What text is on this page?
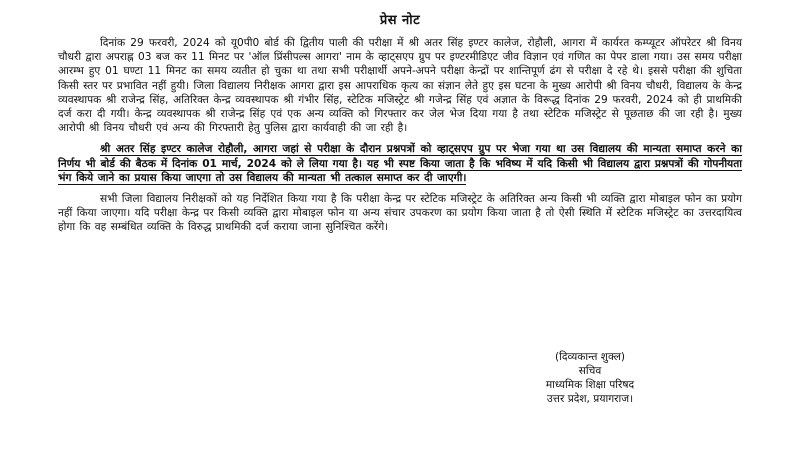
प्रेस नोट

दिनांक 29 फरवरी, 2024 को यू0पी0 बोर्ड की द्वितीय पाली की परीक्षा में श्री अतर सिंह इण्टर कालेज, रोहौली, आगरा में कार्यरत कम्प्यूटर ऑपरेटर श्री विनय चौधरी द्वारा अपराह्न 03 बज कर 11 मिनट पर 'ऑल प्रिंसीपल्स आगरा' नाम के व्हाट्सएप ग्रुप पर इण्टरमीडिएट जीव विज्ञान एवं गणित का पेपर डाला गया। उस समय परीक्षा आरम्भ हुए 01 घण्टा 11 मिनट का समय व्यतीत हो चुका था तथा सभी परीक्षार्थी अपने-अपने परीक्षा केन्द्रों पर शान्तिपूर्ण ढंग से परीक्षा दे रहे थे। इससे परीक्षा की शुचिता किसी स्तर पर प्रभावित नहीं हुयी। जिला विद्यालय निरीक्षक आगरा द्वारा इस आपराधिक कृत्य का संज्ञान लेते हुए इस घटना के मुख्य आरोपी श्री विनय चौधरी, विद्यालय के केन्द्र व्यवस्थापक श्री राजेन्द्र सिंह, अतिरिक्त केन्द्र व्यवस्थापक श्री गंभीर सिंह, स्टेटिक मजिस्ट्रेट श्री गजेन्द्र सिंह एवं अज्ञात के विरूद्ध दिनांक 29 फरवरी, 2024 को ही प्राथमिकी दर्ज करा दी गयी। केन्द्र व्यवस्थापक श्री राजेन्द्र सिंह एवं एक अन्य व्यक्ति को गिरफ्तार कर जेल भेज दिया गया है तथा स्टेटिक मजिस्ट्रेट से पूछताछ की जा रही है। मुख्य आरोपी श्री विनय चौधरी एवं अन्य की गिरफ्तारी हेतु पुलिस द्वारा कार्यवाही की जा रही है।

श्री अतर सिंह इण्टर कालेज रोहौली, आगरा जहां से परीक्षा के दौरान प्रश्नपत्रों को व्हाट्सएप ग्रुप पर भेजा गया था उस विद्यालय की मान्यता समाप्त करने का निर्णय भी बोर्ड की बैठक में दिनांक 01 मार्च, 2024 को ले लिया गया है। यह भी स्पष्ट किया जाता है कि भविष्य में यदि किसी भी विद्यालय द्वारा प्रश्नपत्रों की गोपनीयता भंग किये जाने का प्रयास किया जाएगा तो उस विद्यालय की मान्यता भी तत्काल समाप्त कर दी जाएगी।

सभी जिला विद्यालय निरीक्षकों को यह निर्देशित किया गया है कि परीक्षा केन्द्र पर स्टेटिक मजिस्ट्रेट के अतिरिक्त अन्य किसी भी व्यक्ति द्वारा मोबाइल फोन का प्रयोग नहीं किया जाएगा। यदि परीक्षा केन्द्र पर किसी व्यक्ति द्वारा मोबाइल फोन या अन्य संचार उपकरण का प्रयोग किया जाता है तो ऐसी स्थिति में स्टेटिक मजिस्ट्रेट का उत्तरदायित्व होगा कि वह सम्बंधित व्यक्ति के विरुद्ध प्राथमिकी दर्ज कराया जाना सुनिश्चित करेंगे।

(दिव्यकान्त शुक्ल)
सचिव
माध्यमिक शिक्षा परिषद
उत्तर प्रदेश, प्रयागराज।
